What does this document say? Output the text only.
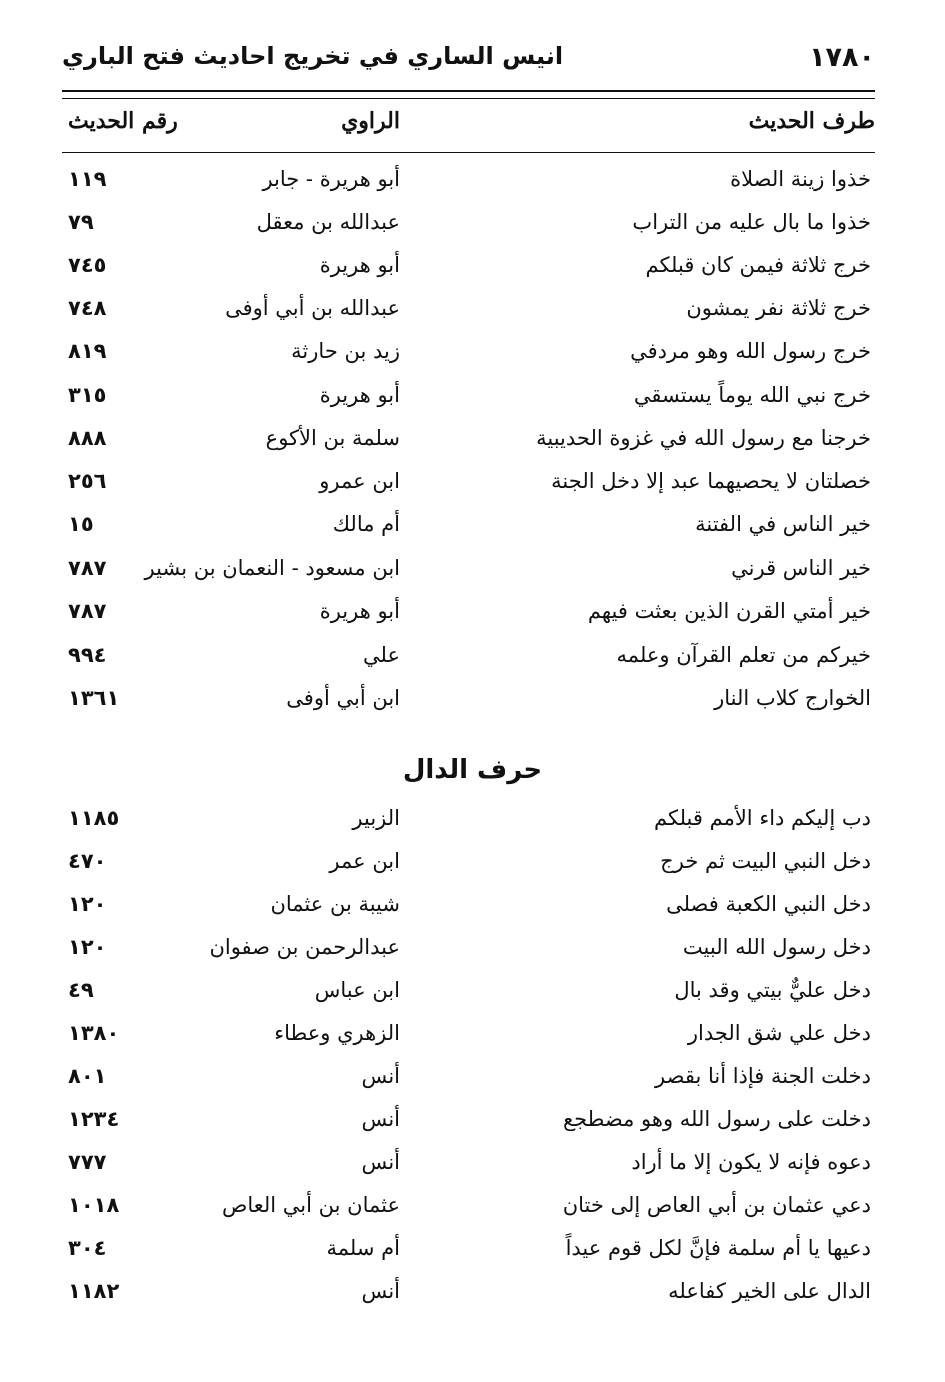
١٧٨٠
انيس الساري في تخريج احاديث فتح الباري
طرف الحديث
الراوي
رقم الحديث
خذوا زينة الصلاة
أبو هريرة - جابر
١١٩
خذوا ما بال عليه من التراب
عبدالله بن معقل
٧٩
خرج ثلاثة فيمن كان قبلكم
أبو هريرة
٧٤٥
خرج ثلاثة نفر يمشون
عبدالله بن أبي أوفى
٧٤٨
خرج رسول الله وهو مردفي
زيد بن حارثة
٨١٩
خرج نبي الله يوماً يستسقي
أبو هريرة
٣١٥
خرجنا مع رسول الله في غزوة الحديبية
سلمة بن الأكوع
٨٨٨
خصلتان لا يحصيهما عبد إلا دخل الجنة
ابن عمرو
٢٥٦
خير الناس في الفتنة
أم مالك
١٥
خير الناس قرني
ابن مسعود - النعمان بن بشير
٧٨٧
خير أمتي القرن الذين بعثت فيهم
أبو هريرة
٧٨٧
خيركم من تعلم القرآن وعلمه
علي
٩٩٤
الخوارج كلاب النار
ابن أبي أوفى
١٣٦١
حرف الدال
دب إليكم داء الأمم قبلكم
الزبير
١١٨٥
دخل النبي البيت ثم خرج
ابن عمر
٤٧٠
دخل النبي الكعبة فصلى
شيبة بن عثمان
١٢٠
دخل رسول الله البيت
عبدالرحمن بن صفوان
١٢٠
دخل عليٌّ بيتي وقد بال
ابن عباس
٤٩
دخل علي شق الجدار
الزهري وعطاء
١٣٨٠
دخلت الجنة فإذا أنا بقصر
أنس
٨٠١
دخلت على رسول الله وهو مضطجع
أنس
١٢٣٤
دعوه فإنه لا يكون إلا ما أراد
أنس
٧٧٧
دعي عثمان بن أبي العاص إلى ختان
عثمان بن أبي العاص
١٠١٨
دعيها يا أم سلمة فإنَّ لكل قوم عيداً
أم سلمة
٣٠٤
الدال على الخير كفاعله
أنس
١١٨٢
